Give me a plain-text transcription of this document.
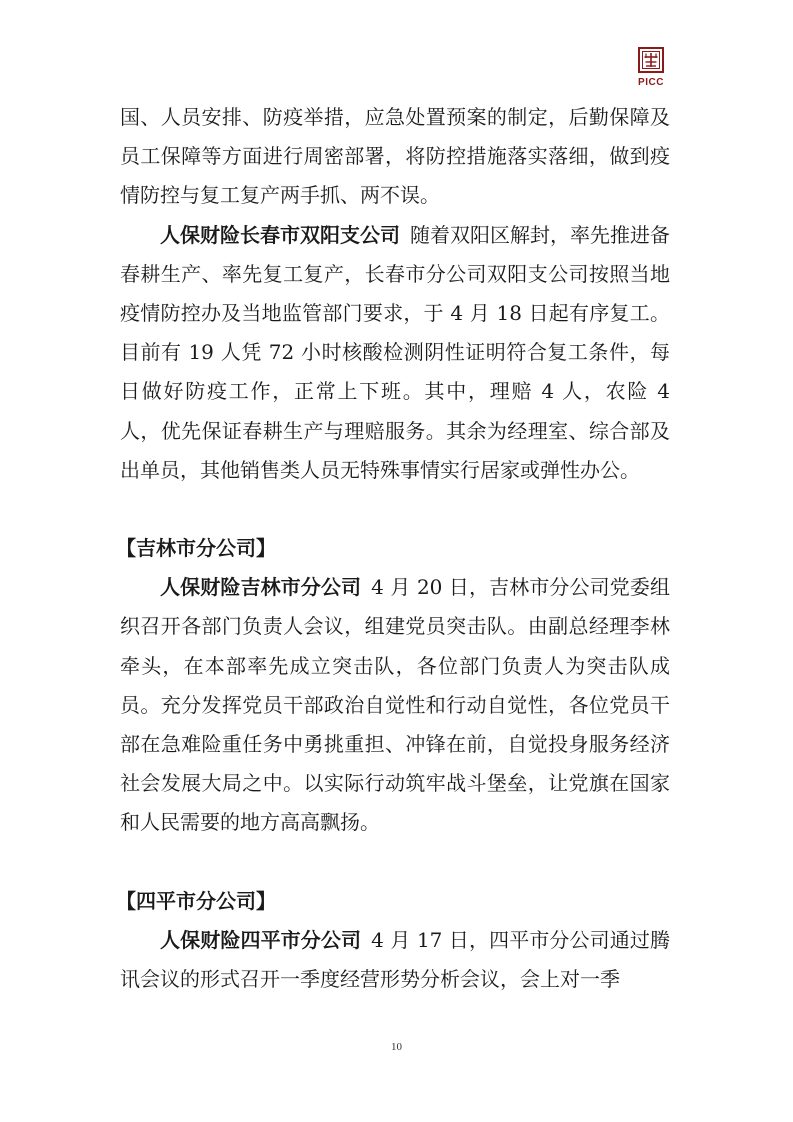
PICC

国、人员安排、防疫举措，应急处置预案的制定，后勤保障及员工保障等方面进行周密部署，将防控措施落实落细，做到疫情防控与复工复产两手抓、两不误。

人保财险长春市双阳支公司  随着双阳区解封，率先推进备春耕生产、率先复工复产，长春市分公司双阳支公司按照当地疫情防控办及当地监管部门要求，于 4 月 18 日起有序复工。目前有 19 人凭 72 小时核酸检测阴性证明符合复工条件，每日做好防疫工作，正常上下班。其中，理赔 4 人，农险 4 人，优先保证春耕生产与理赔服务。其余为经理室、综合部及出单员，其他销售类人员无特殊事情实行居家或弹性办公。

【吉林市分公司】

人保财险吉林市分公司  4 月 20 日，吉林市分公司党委组织召开各部门负责人会议，组建党员突击队。由副总经理李林牵头，在本部率先成立突击队，各位部门负责人为突击队成员。充分发挥党员干部政治自觉性和行动自觉性，各位党员干部在急难险重任务中勇挑重担、冲锋在前，自觉投身服务经济社会发展大局之中。以实际行动筑牢战斗堡垒，让党旗在国家和人民需要的地方高高飘扬。

【四平市分公司】

人保财险四平市分公司  4 月 17 日，四平市分公司通过腾讯会议的形式召开一季度经营形势分析会议，会上对一季

10
